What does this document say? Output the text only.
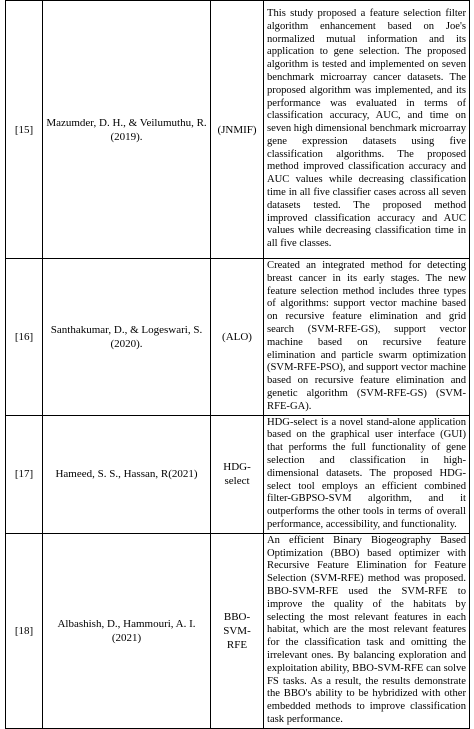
[15]	Mazumder, D. H., & Veilumuthu, R. (2019).	(JNMIF)	This study proposed a feature selection filter algorithm enhancement based on Joe's normalized mutual information and its application to gene selection. The proposed algorithm is tested and implemented on seven benchmark microarray cancer datasets. The proposed algorithm was implemented, and its performance was evaluated in terms of classification accuracy, AUC, and time on seven high dimensional benchmark microarray gene expression datasets using five classification algorithms. The proposed method improved classification accuracy and AUC values while decreasing classification time in all five classifier cases across all seven datasets tested. The proposed method improved classification accuracy and AUC values while decreasing classification time in all five classes.
[16]	Santhakumar, D., & Logeswari, S. (2020).	(ALO)	Created an integrated method for detecting breast cancer in its early stages. The new feature selection method includes three types of algorithms: support vector machine based on recursive feature elimination and grid search (SVM-RFE-GS), support vector machine based on recursive feature elimination and particle swarm optimization (SVM-RFE-PSO), and support vector machine based on recursive feature elimination and genetic algorithm (SVM-RFE-GS) (SVM-RFE-GA).
[17]	Hameed, S. S., Hassan, R(2021)	HDG-select	HDG-select is a novel stand-alone application based on the graphical user interface (GUI) that performs the full functionality of gene selection and classification in high-dimensional datasets. The proposed HDG-select tool employs an efficient combined filter-GBPSO-SVM algorithm, and it outperforms the other tools in terms of overall performance, accessibility, and functionality.
[18]	Albashish, D., Hammouri, A. I.(2021)	BBO-SVM-RFE	An efficient Binary Biogeography Based Optimization (BBO) based optimizer with Recursive Feature Elimination for Feature Selection (SVM-RFE) method was proposed. BBO-SVM-RFE used the SVM-RFE to improve the quality of the habitats by selecting the most relevant features in each habitat, which are the most relevant features for the classification task and omitting the irrelevant ones. By balancing exploration and exploitation ability, BBO-SVM-RFE can solve FS tasks. As a result, the results demonstrate the BBO's ability to be hybridized with other embedded methods to improve classification task performance.
